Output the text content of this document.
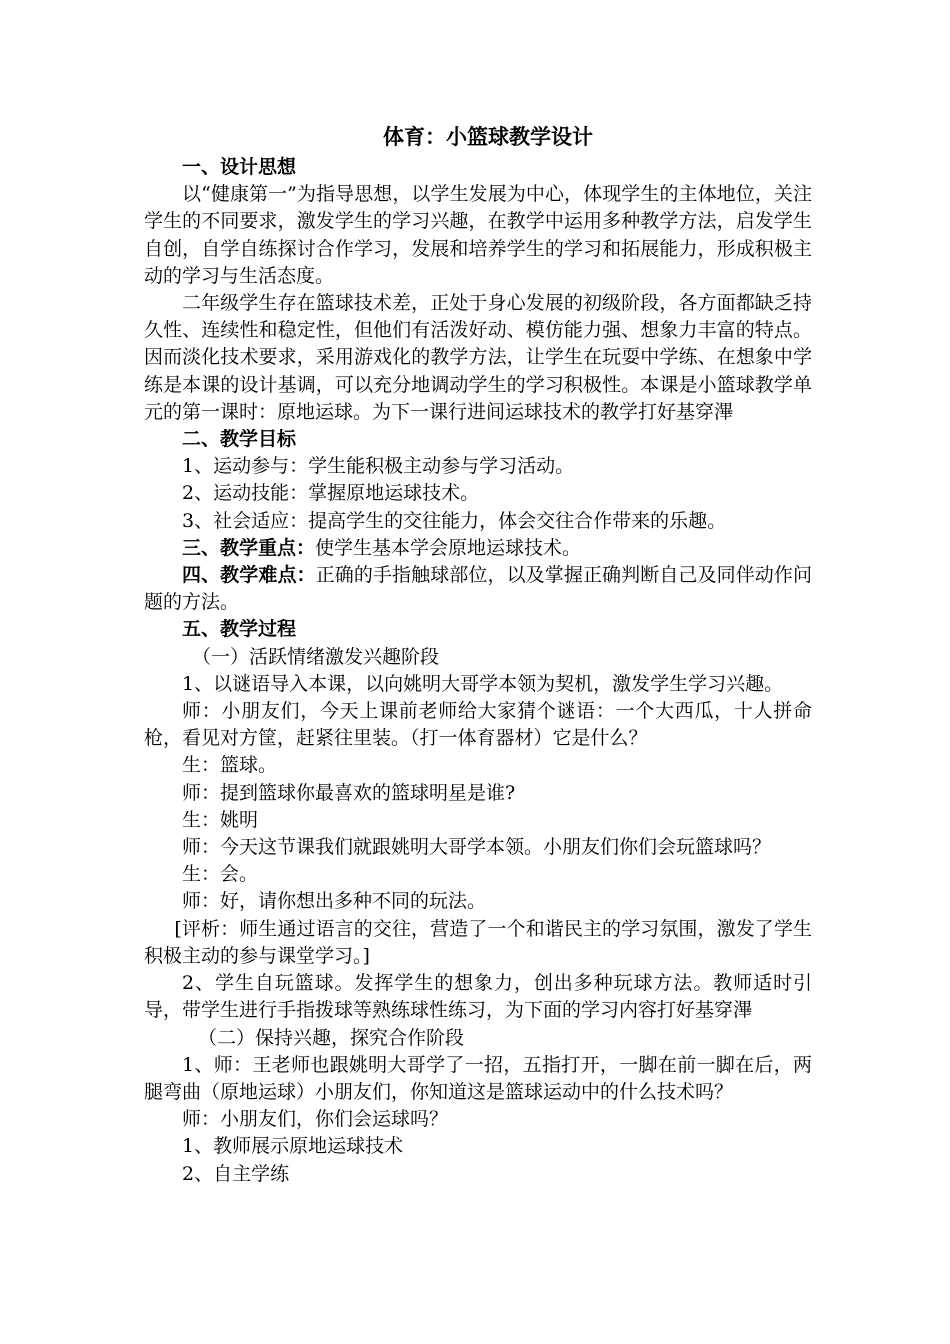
体育：小篮球教学设计

一、设计思想

以“健康第一”为指导思想，以学生发展为中心，体现学生的主体地位，关注学生的不同要求，激发学生的学习兴趣，在教学中运用多种教学方法，启发学生自创，自学自练探讨合作学习，发展和培养学生的学习和拓展能力，形成积极主动的学习与生活态度。

二年级学生存在篮球技术差，正处于身心发展的初级阶段，各方面都缺乏持久性、连续性和稳定性，但他们有活泼好动、模仿能力强、想象力丰富的特点。因而淡化技术要求，采用游戏化的教学方法，让学生在玩耍中学练、在想象中学练是本课的设计基调，可以充分地调动学生的学习积极性。本课是小篮球教学单元的第一课时：原地运球。为下一课行进间运球技术的教学打好基穿滭

二、教学目标

1、运动参与：学生能积极主动参与学习活动。

2、运动技能：掌握原地运球技术。

3、社会适应：提高学生的交往能力，体会交往合作带来的乐趣。

三、教学重点：使学生基本学会原地运球技术。

四、教学难点：正确的手指触球部位，以及掌握正确判断自己及同伴动作问题的方法。

五、教学过程

（一）活跃情绪激发兴趣阶段

1、以谜语导入本课，以向姚明大哥学本领为契机，激发学生学习兴趣。

师：小朋友们，今天上课前老师给大家猜个谜语：一个大西瓜，十人拼命枪，看见对方筐，赶紧往里装。（打一体育器材）它是什么？

生：篮球。

师：提到篮球你最喜欢的篮球明星是谁?

生：姚明

师：今天这节课我们就跟姚明大哥学本领。小朋友们你们会玩篮球吗？

生：会。

师：好，请你想出多种不同的玩法。

[评析：师生通过语言的交往，营造了一个和谐民主的学习氛围，激发了学生积极主动的参与课堂学习。]

2、学生自玩篮球。发挥学生的想象力，创出多种玩球方法。教师适时引导，带学生进行手指拨球等熟练球性练习，为下面的学习内容打好基穿滭

（二）保持兴趣，探究合作阶段

1、师：王老师也跟姚明大哥学了一招，五指打开，一脚在前一脚在后，两腿弯曲（原地运球）小朋友们，你知道这是篮球运动中的什么技术吗？

师：小朋友们，你们会运球吗？

1、教师展示原地运球技术

2、自主学练
